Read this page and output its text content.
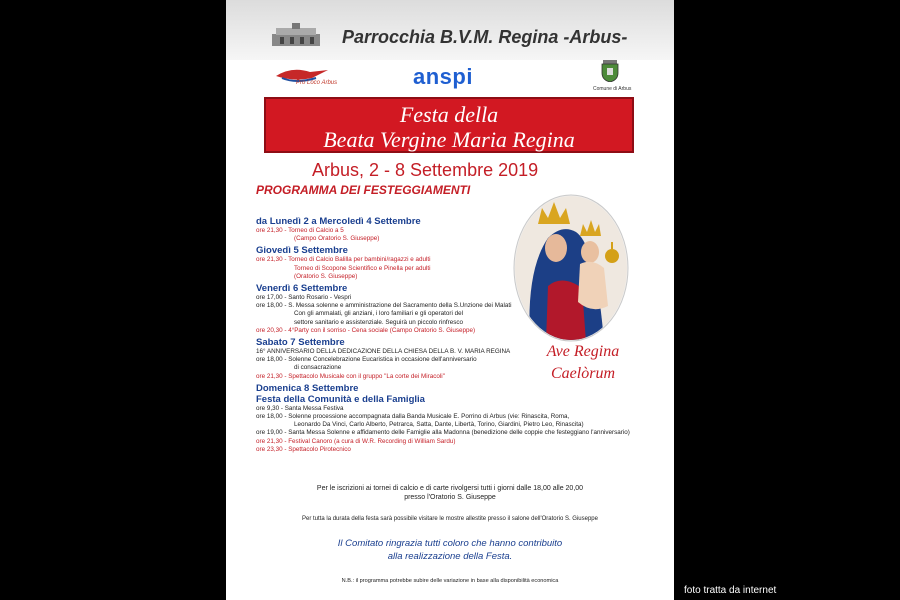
Parrocchia B.V.M. Regina -Arbus-
Pro Loco Arbus	anspi	Comune di Arbus
Festa della
Beata Vergine Maria Regina
Arbus, 2 - 8 Settembre 2019
PROGRAMMA DEI FESTEGGIAMENTI
da Lunedì 2 a Mercoledì 4 Settembre
ore 21,30 - Torneo di Calcio a 5
(Campo Oratorio S. Giuseppe)
Giovedì 5 Settembre
ore 21,30 - Torneo di Calcio Balilla per bambini/ragazzi e adulti
Torneo di Scopone Scientifico e Pinella per adulti
(Oratorio S. Giuseppe)
Venerdì 6 Settembre
ore 17,00 - Santo Rosario - Vespri
ore 18,00 - S. Messa solenne e amministrazione del Sacramento della S.Unzione dei Malati
Con gli ammalati, gli anziani, i loro familiari e gli operatori del
settore sanitario e assistenziale. Seguirà un piccolo rinfresco
ore 20,30 - 4°Party con il sorriso - Cena sociale (Campo Oratorio S. Giuseppe)
Sabato 7 Settembre
16° ANNIVERSARIO DELLA DEDICAZIONE DELLA CHIESA DELLA B. V. MARIA REGINA
ore 18,00 - Solenne Concelebrazione Eucaristica in occasione dell'anniversario
di consacrazione
ore 21,30 - Spettacolo Musicale con il gruppo "La corte dei Miracoli"
Domenica 8 Settembre
Festa della Comunità e della Famiglia
ore 9,30 - Santa Messa Festiva
ore 18,00 - Solenne processione accompagnata dalla Banda Musicale E. Porrino di Arbus (vie: Rinascita, Roma,
Leonardo Da Vinci, Carlo Alberto, Petrarca, Satta, Dante, Libertà, Torino, Giardini, Pietro Leo, Rinascita)
ore 19,00 - Santa Messa Solenne e affidamento delle Famiglie alla Madonna (benedizione delle coppie che festeggiano l'anniversario)
ore 21,30 - Festival Canoro (a cura di W.R. Recording di William Sardu)
ore 23,30 - Spettacolo Pirotecnico
Ave Regina
Caelòrum
Per le iscrizioni ai tornei di calcio e di carte rivolgersi tutti i giorni dalle 18,00 alle 20,00
presso l'Oratorio S. Giuseppe
Per tutta la durata della festa sarà possibile visitare le mostre allestite presso il salone dell'Oratorio S. Giuseppe
Il Comitato ringrazia tutti coloro che hanno contribuito
alla realizzazione della Festa.
N.B.: il programma potrebbe subire delle variazione in base alla disponibilità economica
foto tratta da internet
